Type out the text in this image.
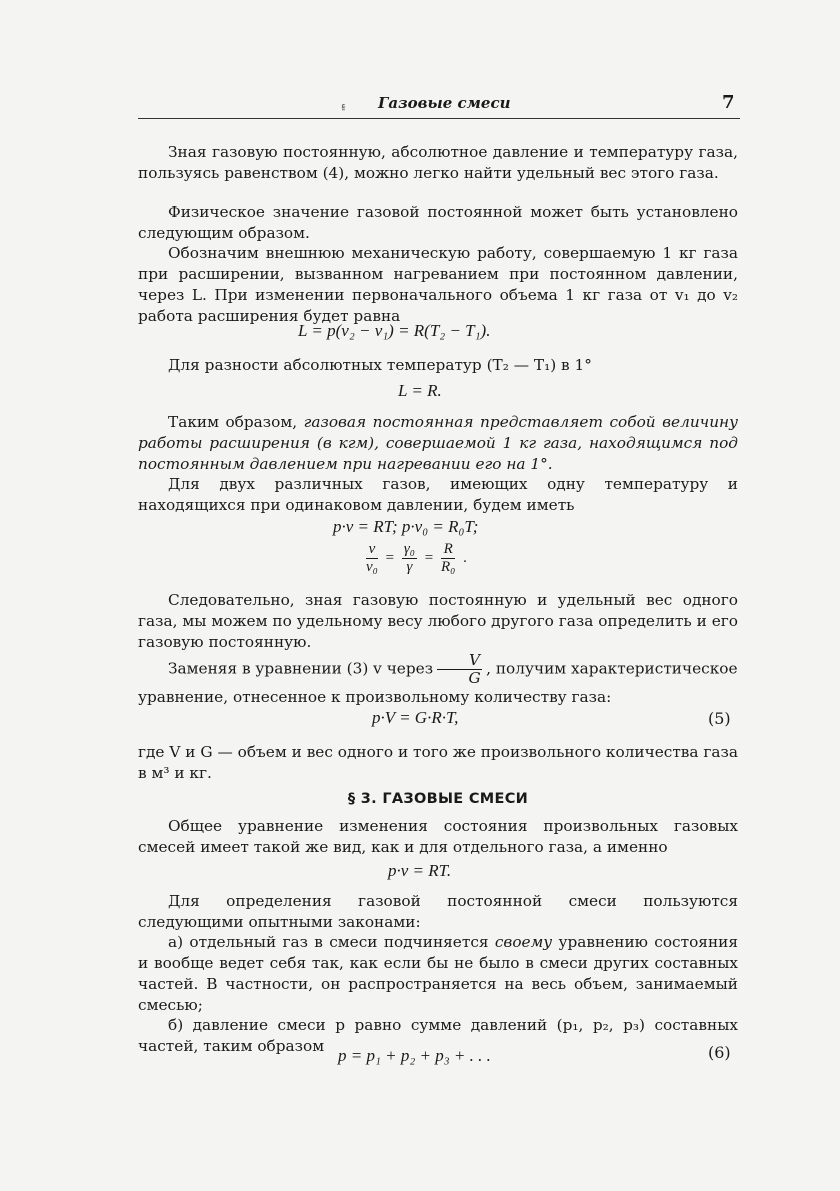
۽ Газовые смеси	7

Зная газовую постоянную, абсолютное давление и температуру газа, пользуясь равенством (4), можно легко найти удельный вес этого газа.

Физическое значение газовой постоянной может быть установлено следующим образом.

Обозначим внешнюю механическую работу, совершаемую 1 кг газа при расширении, вызванном нагреванием при постоянном давлении, через L. При изменении первоначального объема 1 кг газа от v₁ до v₂ работа расширения будет равна

L = p(v₂ − v₁) = R(T₂ − T₁).

Для разности абсолютных температур (T₂ — T₁) в 1°

L = R.

Таким образом, газовая постоянная представляет собой величину работы расширения (в кгм), совершаемой 1 кг газа, находящимся под постоянным давлением при нагревании его на 1°.

Для двух различных газов, имеющих одну температуру и находящихся при одинаковом давлении, будем иметь

p·v = RT; p·v₀ = R₀T;
$\frac{v}{\text{v₀}} = \frac{\text{γ₀}}{\gamma} = \frac{R}{\text{R₀}}$ .

Следовательно, зная газовую постоянную и удельный вес одного газа, мы можем по удельному весу любого другого газа определить и его газовую постоянную.

Заменяя в уравнении (3) v через $\frac{V}{G}$ , получим характеристическое

уравнение, отнесенное к произвольному количеству газа:

p·V = G·R·T,	(5)

где V и G — объем и вес одного и того же произвольного количества газа в м³ и кг.

§ 3. ГАЗОВЫЕ СМЕСИ

Общее уравнение изменения состояния произвольных газовых смесей имеет такой же вид, как и для отдельного газа, а именно

p·v = RT.

Для определения газовой постоянной смеси пользуются следующими опытными законами:

а) отдельный газ в смеси подчиняется своему уравнению состояния и вообще ведет себя так, как если бы не было в смеси других составных частей. В частности, он распространяется на весь объем, занимаемый смесью;

б) давление смеси p равно сумме давлений (p₁, p₂, p₃) составных частей, таким образом p = p₁ + p₂ + p₃ + . . .	(6)
